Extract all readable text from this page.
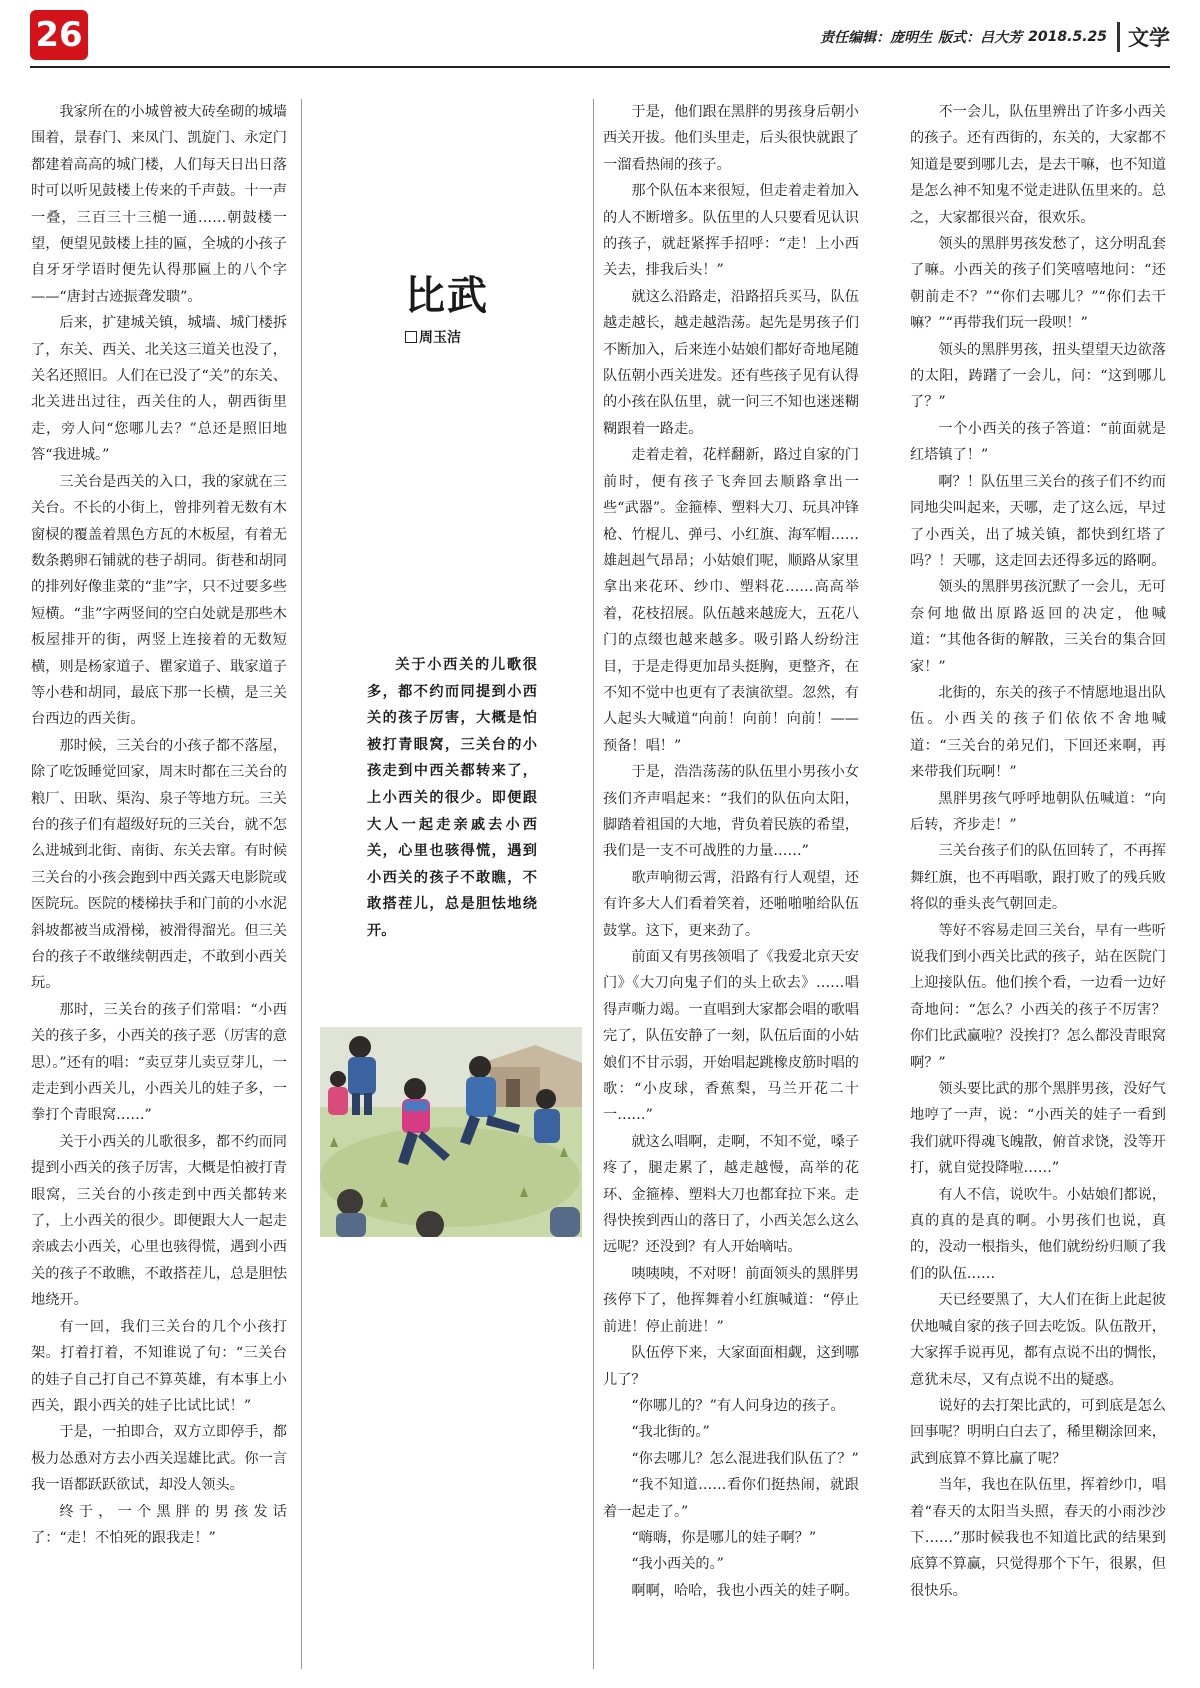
26	责任编辑：庞明生 版式：吕大芳 2018.5.25	文学

我家所在的小城曾被大砖垒砌的城墙围着，景春门、来凤门、凯旋门、永定门都建着高高的城门楼，人们每天日出日落时可以听见鼓楼上传来的千声鼓。十一声一叠，三百三十三槌一通……朝鼓楼一望，便望见鼓楼上挂的匾，全城的小孩子自牙牙学语时便先认得那匾上的八个字——“唐封古迹振聋发聩”。

后来，扩建城关镇，城墙、城门楼拆了，东关、西关、北关这三道关也没了，关名还照旧。人们在已没了“关”的东关、北关进出过往，西关住的人，朝西街里走，旁人问“您哪儿去？”总还是照旧地答“我进城。”

三关台是西关的入口，我的家就在三关台。不长的小街上，曾排列着无数有木窗棂的覆盖着黑色方瓦的木板屋，有着无数条鹅卵石铺就的巷子胡同。街巷和胡同的排列好像韭菜的“韭”字，只不过要多些短横。“韭”字两竖间的空白处就是那些木板屋排开的街，两竖上连接着的无数短横，则是杨家道子、瞿家道子、戢家道子等小巷和胡同，最底下那一长横，是三关台西边的西关街。

那时候，三关台的小孩子都不落屋，除了吃饭睡觉回家，周末时都在三关台的粮厂、田耿、渠沟、泉子等地方玩。三关台的孩子们有超级好玩的三关台，就不怎么进城到北街、南街、东关去窜。有时候三关台的小孩会跑到中西关露天电影院或医院玩。医院的楼梯扶手和门前的小水泥斜坡都被当成滑梯，被滑得溜光。但三关台的孩子不敢继续朝西走，不敢到小西关玩。

那时，三关台的孩子们常唱：“小西关的孩子多，小西关的孩子恶（厉害的意思）。”还有的唱：“卖豆芽儿卖豆芽儿，一走走到小西关儿，小西关儿的娃子多，一拳打个青眼窝……”

关于小西关的儿歌很多，都不约而同提到小西关的孩子厉害，大概是怕被打青眼窝，三关台的小孩走到中西关都转来了，上小西关的很少。即便跟大人一起走亲戚去小西关，心里也骇得慌，遇到小西关的孩子不敢瞧，不敢搭茬儿，总是胆怯地绕开。

有一回，我们三关台的几个小孩打架。打着打着，不知谁说了句：“三关台的娃子自己打自己不算英雄，有本事上小西关，跟小西关的娃子比试比试！”

于是，一拍即合，双方立即停手，都极力怂恿对方去小西关逞雄比武。你一言我一语都跃跃欲试，却没人领头。

终于，一个黑胖的男孩发话了：“走！不怕死的跟我走！”

比武
周玉洁

关于小西关的儿歌很多，都不约而同提到小西关的孩子厉害，大概是怕被打青眼窝，三关台的小孩走到中西关都转来了，上小西关的很少。即便跟大人一起走亲戚去小西关，心里也骇得慌，遇到小西关的孩子不敢瞧，不敢搭茬儿，总是胆怯地绕开。

于是，他们跟在黑胖的男孩身后朝小西关开拔。他们头里走，后头很快就跟了一溜看热闹的孩子。

那个队伍本来很短，但走着走着加入的人不断增多。队伍里的人只要看见认识的孩子，就赶紧挥手招呼：“走！上小西关去，排我后头！”

就这么沿路走，沿路招兵买马，队伍越走越长，越走越浩荡。起先是男孩子们不断加入，后来连小姑娘们都好奇地尾随队伍朝小西关进发。还有些孩子见有认得的小孩在队伍里，就一问三不知也迷迷糊糊跟着一路走。

走着走着，花样翻新，路过自家的门前时，便有孩子飞奔回去顺路拿出一些“武器”。金箍棒、塑料大刀、玩具冲锋枪、竹棍儿、弹弓、小红旗、海军帽……雄赳赳气昂昂；小姑娘们呢，顺路从家里拿出来花环、纱巾、塑料花……高高举着，花枝招展。队伍越来越庞大，五花八门的点缀也越来越多。吸引路人纷纷注目，于是走得更加昂头挺胸，更整齐，在不知不觉中也更有了表演欲望。忽然，有人起头大喊道“向前！向前！向前！——预备！唱！”

于是，浩浩荡荡的队伍里小男孩小女孩们齐声唱起来：“我们的队伍向太阳，脚踏着祖国的大地，背负着民族的希望，我们是一支不可战胜的力量……”

歌声响彻云霄，沿路有行人观望，还有许多大人们看着笑着，还啪啪啪给队伍鼓掌。这下，更来劲了。

前面又有男孩领唱了《我爱北京天安门》《大刀向鬼子们的头上砍去》……唱得声嘶力竭。一直唱到大家都会唱的歌唱完了，队伍安静了一刻，队伍后面的小姑娘们不甘示弱，开始唱起跳橡皮筋时唱的歌：“小皮球，香蕉梨，马兰开花二十一……”

就这么唱啊，走啊，不知不觉，嗓子疼了，腿走累了，越走越慢，高举的花环、金箍棒、塑料大刀也都耷拉下来。走得快挨到西山的落日了，小西关怎么这么远呢？还没到？有人开始嘀咕。

咦咦咦，不对呀！前面领头的黑胖男孩停下了，他挥舞着小红旗喊道：“停止前进！停止前进！”

队伍停下来，大家面面相觑，这到哪儿了？

“你哪儿的？”有人问身边的孩子。

“我北街的。”

“你去哪儿？怎么混进我们队伍了？”

“我不知道……看你们挺热闹，就跟着一起走了。”

“嗨嗨，你是哪儿的娃子啊？”

“我小西关的。”

啊啊，哈哈，我也小西关的娃子啊。

不一会儿，队伍里辨出了许多小西关的孩子。还有西街的，东关的，大家都不知道是要到哪儿去，是去干嘛，也不知道是怎么神不知鬼不觉走进队伍里来的。总之，大家都很兴奋，很欢乐。

领头的黑胖男孩发愁了，这分明乱套了嘛。小西关的孩子们笑嘻嘻地问：“还朝前走不？”“你们去哪儿？”“你们去干嘛？”“再带我们玩一段呗！”

领头的黑胖男孩，扭头望望天边欲落的太阳，踌躇了一会儿，问：“这到哪儿了？”

一个小西关的孩子答道：“前面就是红塔镇了！”

啊？！队伍里三关台的孩子们不约而同地尖叫起来，天哪，走了这么远，早过了小西关，出了城关镇，都快到红塔了吗？！天哪，这走回去还得多远的路啊。

领头的黑胖男孩沉默了一会儿，无可奈何地做出原路返回的决定，他喊道：“其他各街的解散，三关台的集合回家！”

北街的，东关的孩子不情愿地退出队伍。小西关的孩子们依依不舍地喊道：“三关台的弟兄们，下回还来啊，再来带我们玩啊！”

黑胖男孩气呼呼地朝队伍喊道：“向后转，齐步走！”

三关台孩子们的队伍回转了，不再挥舞红旗，也不再唱歌，跟打败了的残兵败将似的垂头丧气朝回走。

等好不容易走回三关台，早有一些听说我们到小西关比武的孩子，站在医院门上迎接队伍。他们挨个看，一边看一边好奇地问：“怎么？小西关的孩子不厉害？你们比武赢啦？没挨打？怎么都没青眼窝啊？”

领头要比武的那个黑胖男孩，没好气地哼了一声，说：“小西关的娃子一看到我们就吓得魂飞魄散，俯首求饶，没等开打，就自觉投降啦……”

有人不信，说吹牛。小姑娘们都说，真的真的是真的啊。小男孩们也说，真的，没动一根指头，他们就纷纷归顺了我们的队伍……

天已经要黑了，大人们在街上此起彼伏地喊自家的孩子回去吃饭。队伍散开，大家挥手说再见，都有点说不出的惆怅，意犹未尽，又有点说不出的疑惑。

说好的去打架比武的，可到底是怎么回事呢？明明白白去了，稀里糊涂回来，武到底算不算比赢了呢？

当年，我也在队伍里，挥着纱巾，唱着“春天的太阳当头照，春天的小雨沙沙下……”那时候我也不知道比武的结果到底算不算赢，只觉得那个下午，很累，但很快乐。
